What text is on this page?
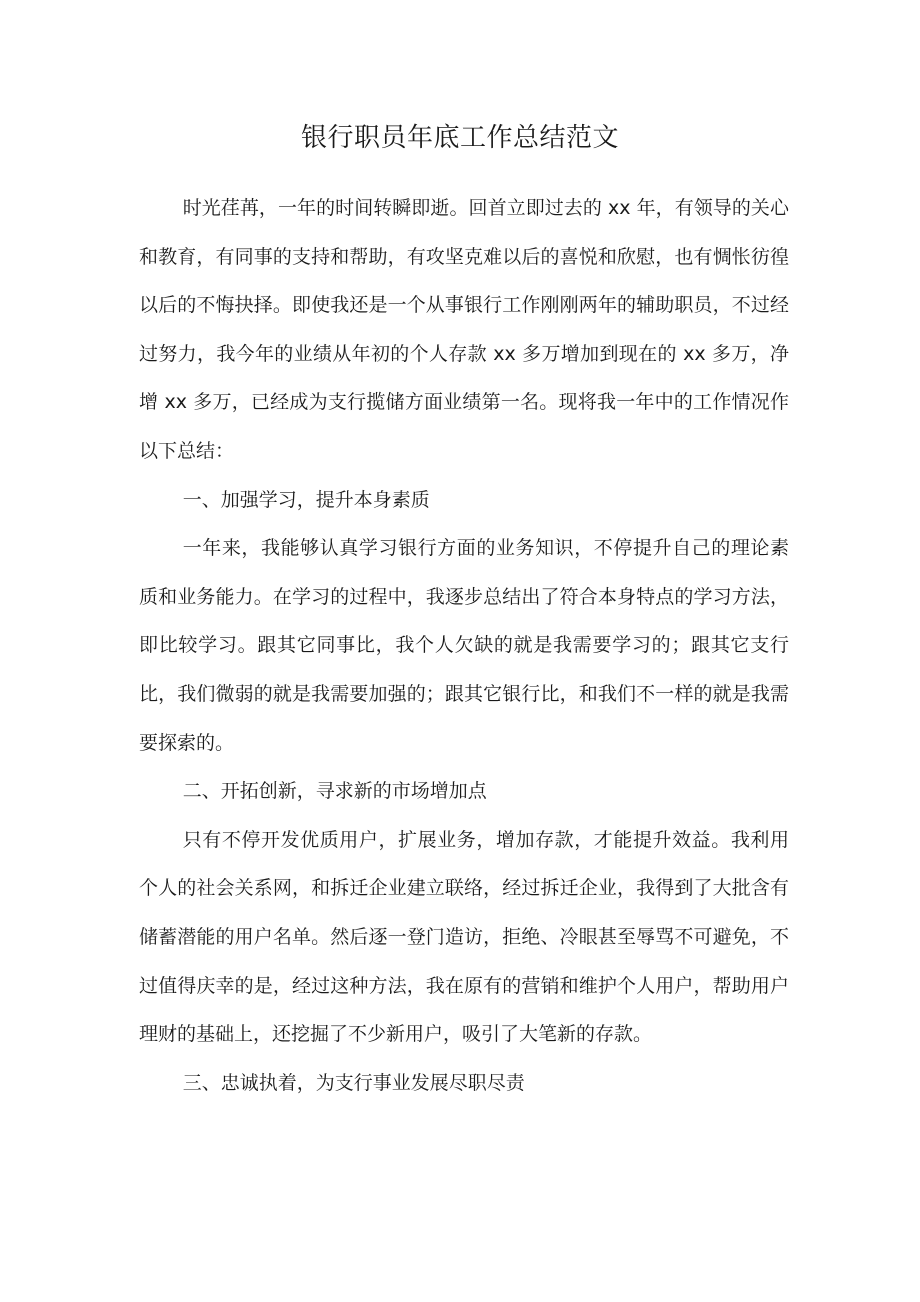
银行职员年底工作总结范文

时光荏苒，一年的时间转瞬即逝。回首立即过去的 xx 年，有领导的关心和教育，有同事的支持和帮助，有攻坚克难以后的喜悦和欣慰，也有惆怅彷徨以后的不悔抉择。即使我还是一个从事银行工作刚刚两年的辅助职员，不过经过努力，我今年的业绩从年初的个人存款 xx 多万增加到现在的 xx 多万，净增 xx 多万，已经成为支行揽储方面业绩第一名。现将我一年中的工作情况作以下总结：

一、加强学习，提升本身素质

一年来，我能够认真学习银行方面的业务知识，不停提升自己的理论素质和业务能力。在学习的过程中，我逐步总结出了符合本身特点的学习方法，即比较学习。跟其它同事比，我个人欠缺的就是我需要学习的；跟其它支行比，我们微弱的就是我需要加强的；跟其它银行比，和我们不一样的就是我需要探索的。

二、开拓创新，寻求新的市场增加点

只有不停开发优质用户，扩展业务，增加存款，才能提升效益。我利用个人的社会关系网，和拆迁企业建立联络，经过拆迁企业，我得到了大批含有储蓄潜能的用户名单。然后逐一登门造访，拒绝、冷眼甚至辱骂不可避免，不过值得庆幸的是，经过这种方法，我在原有的营销和维护个人用户，帮助用户理财的基础上，还挖掘了不少新用户，吸引了大笔新的存款。

三、忠诚执着，为支行事业发展尽职尽责
